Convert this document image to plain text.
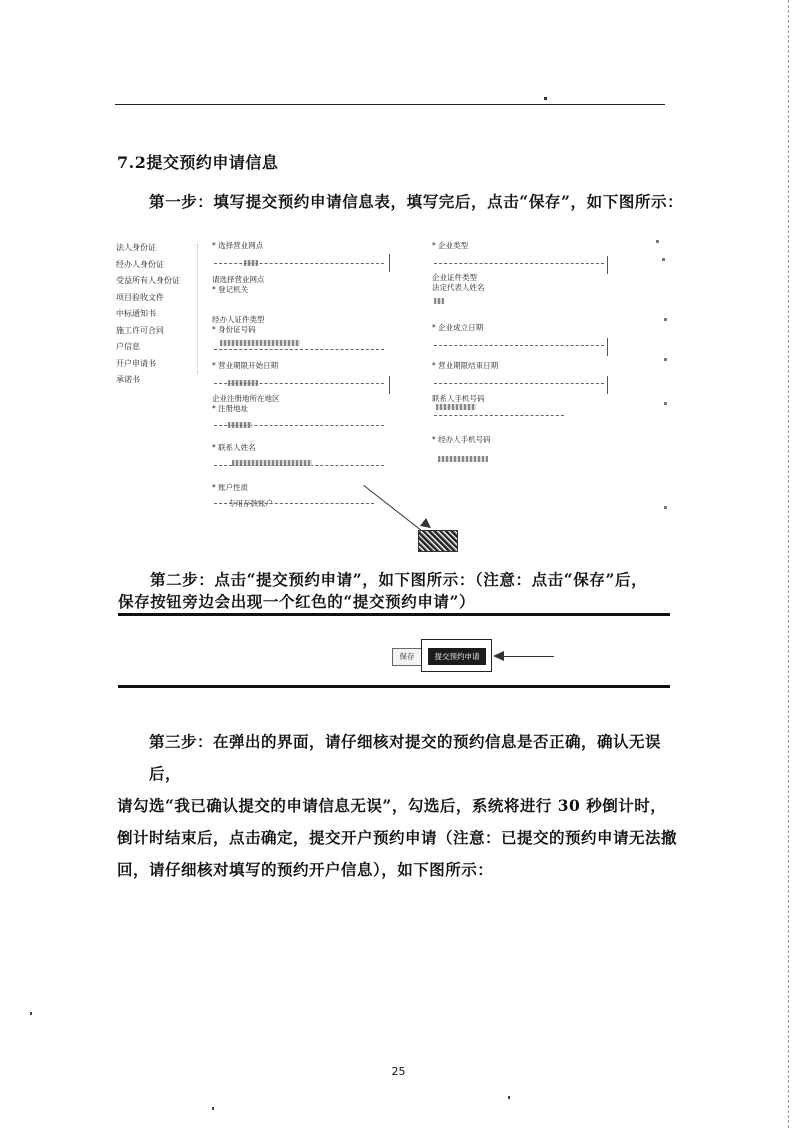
7.2提交预约申请信息
第一步：填写提交预约申请信息表，填写完后，点击“保存”，如下图所示：
法人身份证
经办人身份证
受益所有人身份证
项目验收文件
中标通知书
施工许可合同
户信息
开户申请书
承诺书
* 选择营业网点
请选择营业网点
* 登记机关
经办人证件类型
* 身份证号码
* 营业期限开始日期
企业注册地所在地区
* 注册地址
* 联系人姓名
* 账户性质
专用存款账户
* 企业类型
企业证件类型
法定代表人姓名
* 企业成立日期
* 营业期限结束日期
联系人手机号码
* 经办人手机号码
第二步：点击“提交预约申请”，如下图所示：（注意：点击“保存”后，
保存按钮旁边会出现一个红色的“提交预约申请”）
保存	提交预约申请
第三步：在弹出的界面，请仔细核对提交的预约信息是否正确，确认无误后，
请勾选“我已确认提交的申请信息无误”，勾选后，系统将进行 30 秒倒计时，
倒计时结束后，点击确定，提交开户预约申请（注意：已提交的预约申请无法撤
回，请仔细核对填写的预约开户信息），如下图所示：
25
